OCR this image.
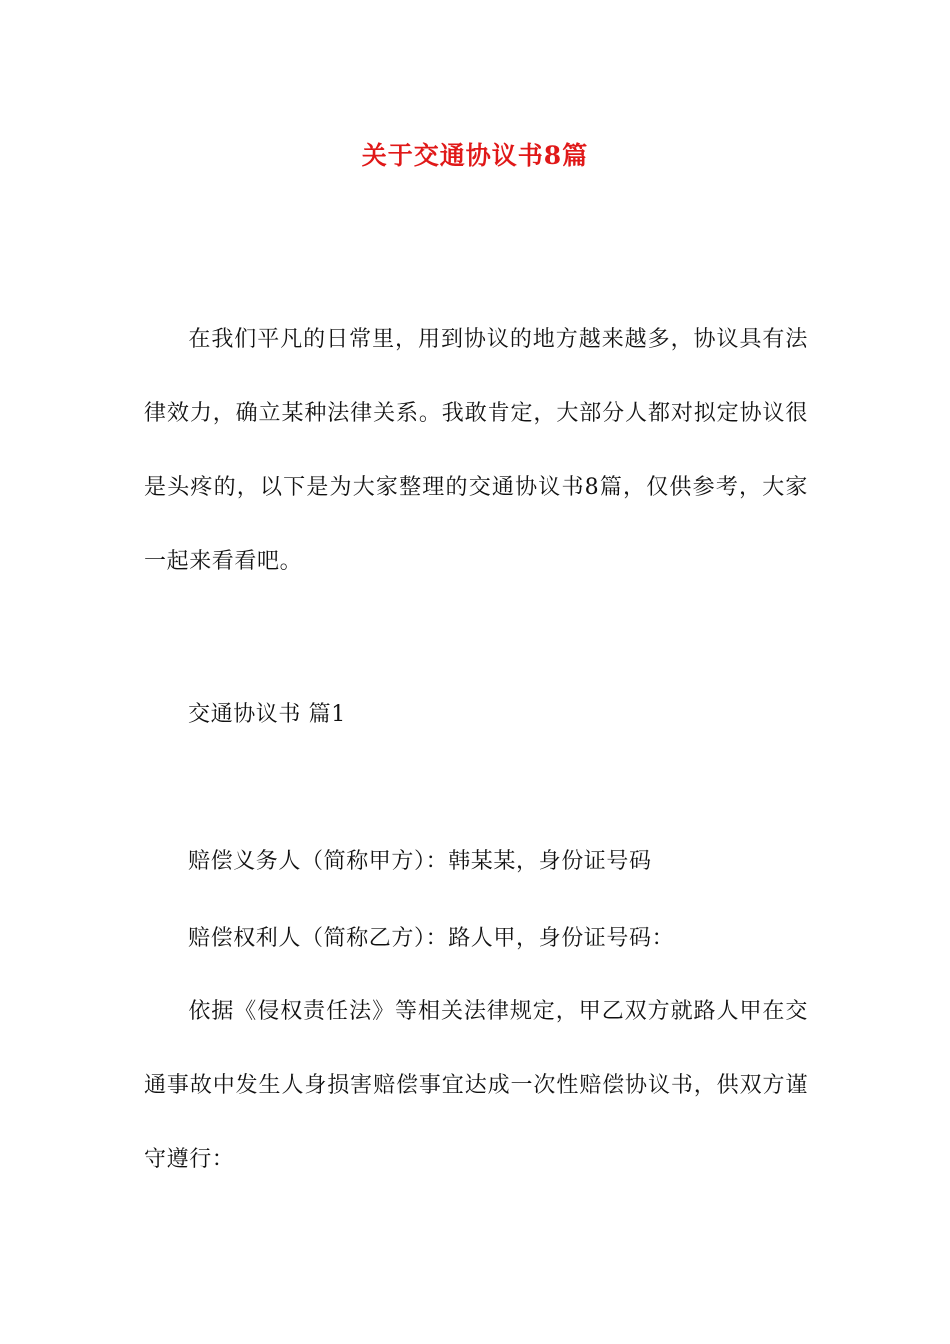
关于交通协议书8篇

在我们平凡的日常里，用到协议的地方越来越多，协议具有法律效力，确立某种法律关系。我敢肯定，大部分人都对拟定协议很是头疼的，以下是为大家整理的交通协议书8篇，仅供参考，大家一起来看看吧。

交通协议书 篇1

赔偿义务人（简称甲方）：韩某某，身份证号码

赔偿权利人（简称乙方）：路人甲，身份证号码：

依据《侵权责任法》等相关法律规定，甲乙双方就路人甲在交通事故中发生人身损害赔偿事宜达成一次性赔偿协议书，供双方谨守遵行：
